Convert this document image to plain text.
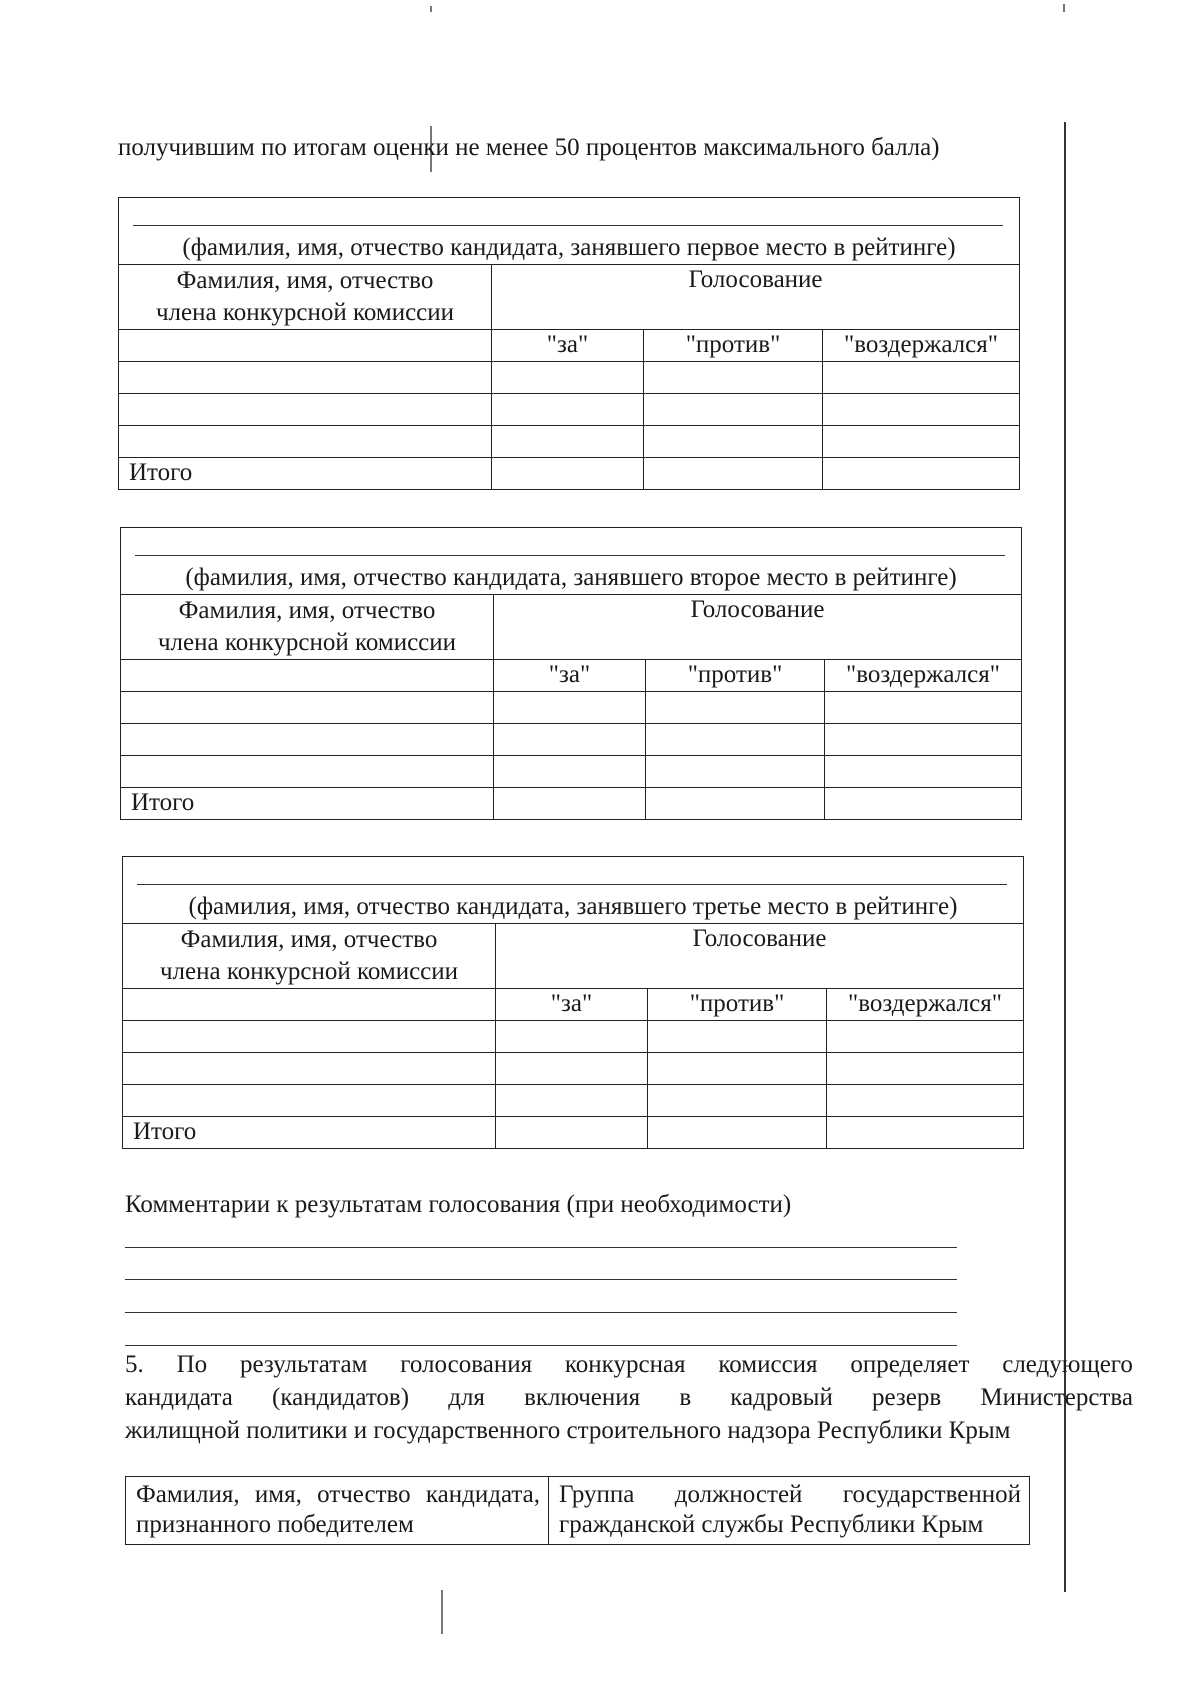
получившим по итогам оценки не менее 50 процентов максимального балла)
(фамилия, имя, отчество кандидата, занявшего первое место в рейтинге)			

Фамилия, имя, отчество
члена конкурсной комиссии	Голосование		
	"за"	"против"	"воздержался"

Итого			
(фамилия, имя, отчество кандидата, занявшего второе место в рейтинге)			

Фамилия, имя, отчество
члена конкурсной комиссии	Голосование		
	"за"	"против"	"воздержался"

Итого			
(фамилия, имя, отчество кандидата, занявшего третье место в рейтинге)			

Фамилия, имя, отчество
члена конкурсной комиссии	Голосование		
	"за"	"против"	"воздержался"

Итого			
Комментарии к результатам голосования (при необходимости)
5. По результатам голосования конкурсная комиссия определяет следующего
кандидата (кандидатов) для включения в кадровый резерв Министерства
жилищной политики и государственного строительного надзора Республики Крым
Фамилия, имя, отчество кандидата, признанного победителем	Группа должностей государственной гражданской службы Республики Крым
